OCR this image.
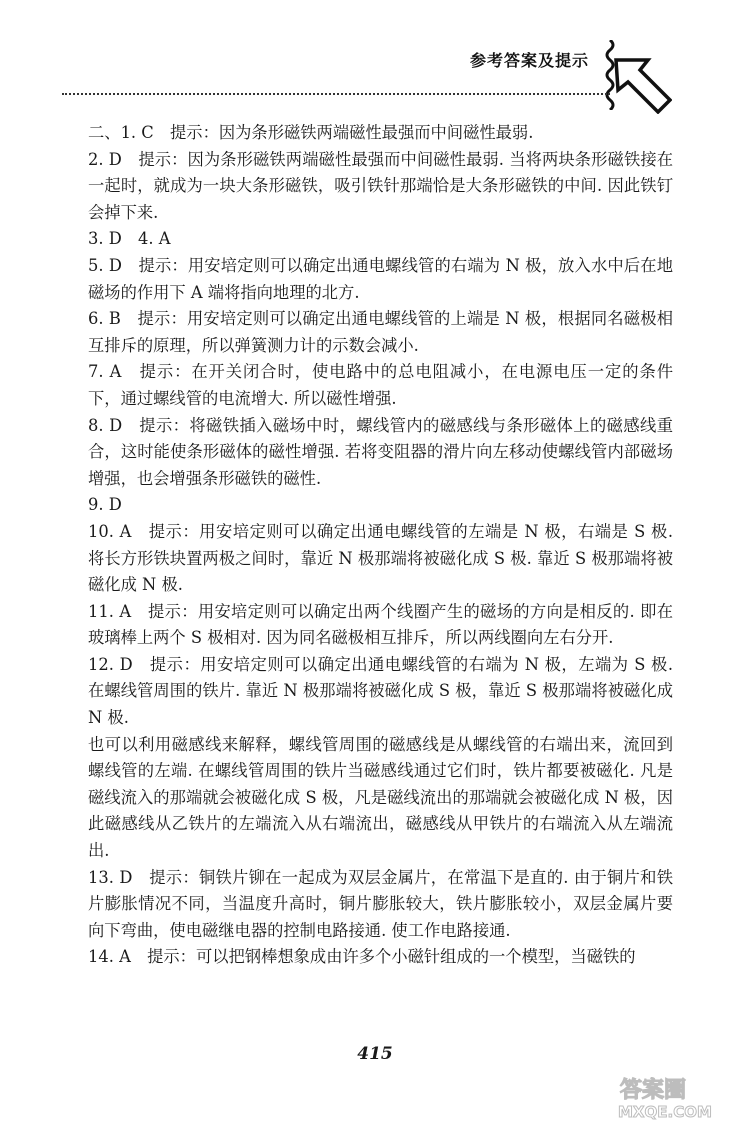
参考答案及提示

二、1. C　提示：因为条形磁铁两端磁性最强而中间磁性最弱.

2. D　提示：因为条形磁铁两端磁性最强而中间磁性最弱. 当将两块条形磁铁接在一起时，就成为一块大条形磁铁，吸引铁针那端恰是大条形磁铁的中间. 因此铁钉会掉下来.

3. D　4. A

5. D　提示：用安培定则可以确定出通电螺线管的右端为 N 极，放入水中后在地磁场的作用下 A 端将指向地理的北方.

6. B　提示：用安培定则可以确定出通电螺线管的上端是 N 极，根据同名磁极相互排斥的原理，所以弹簧测力计的示数会减小.

7. A　提示：在开关闭合时，使电路中的总电阻减小，在电源电压一定的条件下，通过螺线管的电流增大. 所以磁性增强.

8. D　提示：将磁铁插入磁场中时，螺线管内的磁感线与条形磁体上的磁感线重合，这时能使条形磁体的磁性增强. 若将变阻器的滑片向左移动使螺线管内部磁场增强，也会增强条形磁铁的磁性.

9. D

10. A　提示：用安培定则可以确定出通电螺线管的左端是 N 极，右端是 S 极. 将长方形铁块置两极之间时，靠近 N 极那端将被磁化成 S 极. 靠近 S 极那端将被磁化成 N 极.

11. A　提示：用安培定则可以确定出两个线圈产生的磁场的方向是相反的. 即在玻璃棒上两个 S 极相对. 因为同名磁极相互排斥，所以两线圈向左右分开.

12. D　提示：用安培定则可以确定出通电螺线管的右端为 N 极，左端为 S 极. 在螺线管周围的铁片. 靠近 N 极那端将被磁化成 S 极，靠近 S 极那端将被磁化成 N 极.

也可以利用磁感线来解释，螺线管周围的磁感线是从螺线管的右端出来，流回到螺线管的左端. 在螺线管周围的铁片当磁感线通过它们时，铁片都要被磁化. 凡是磁线流入的那端就会被磁化成 S 极，凡是磁线流出的那端就会被磁化成 N 极，因此磁感线从乙铁片的左端流入从右端流出，磁感线从甲铁片的右端流入从左端流出.

13. D　提示：铜铁片铆在一起成为双层金属片，在常温下是直的. 由于铜片和铁片膨胀情况不同，当温度升高时，铜片膨胀较大，铁片膨胀较小，双层金属片要向下弯曲，使电磁继电器的控制电路接通. 使工作电路接通.

14. A　提示：可以把钢棒想象成由许多个小磁针组成的一个模型，当磁铁的

415
答案圈
MXQE.COM
